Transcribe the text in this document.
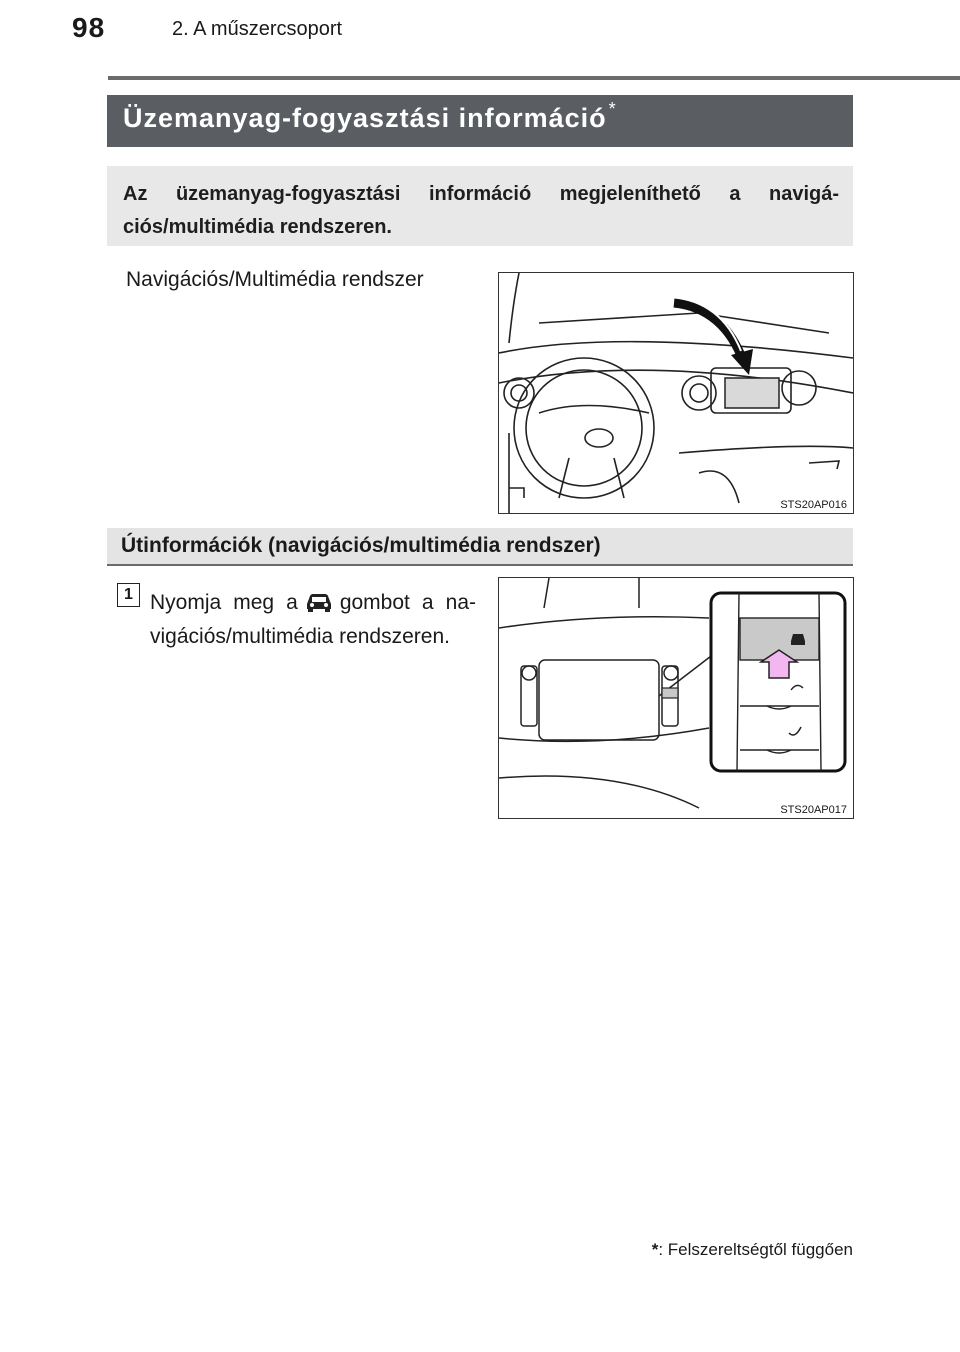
98	2. A műszercsoport
Üzemanyag-fogyasztási információ *
Az üzemanyag-fogyasztási információ megjeleníthető a navigá-ciós/multimédia rendszeren.
Navigációs/Multimédia rendszer
STS20AP016
Útinformációk (navigációs/multimédia rendszer)
1 Nyomja meg a gombot a na-vigációs/multimédia rendszeren.
STS20AP017
*: Felszereltségtől függően
